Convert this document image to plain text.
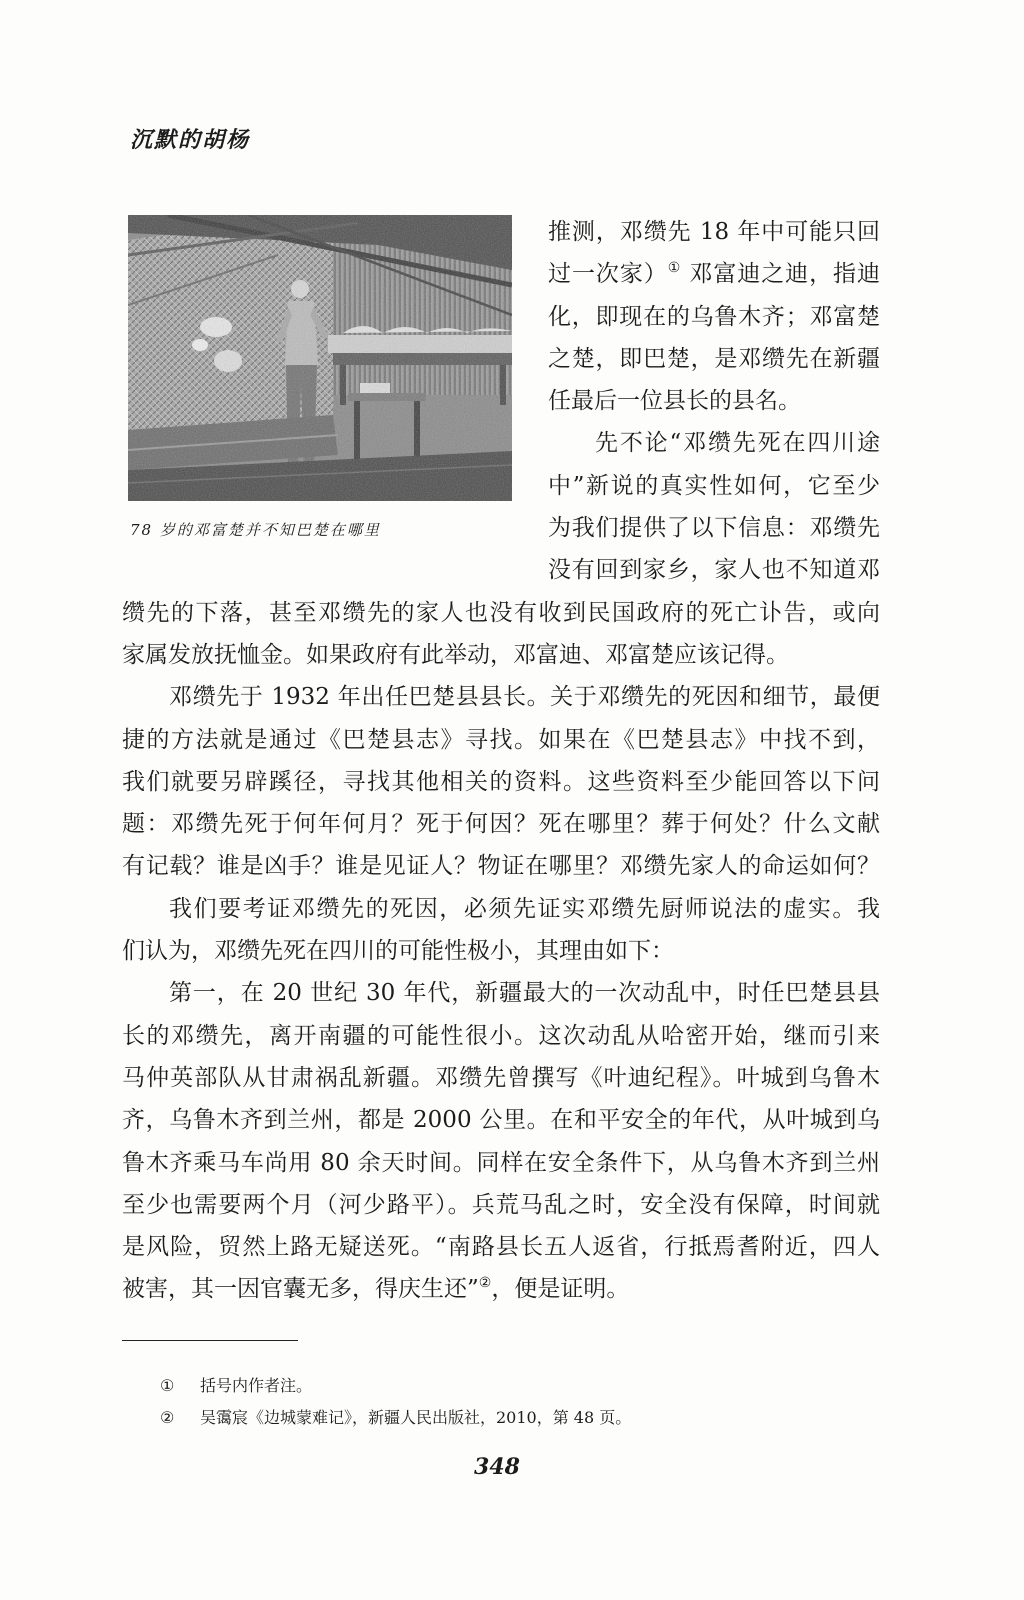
沉默的胡杨
78 岁的邓富楚并不知巴楚在哪里
推测，邓缵先 18 年中可能只回
过一次家）① 邓富迪之迪，指迪
化，即现在的乌鲁木齐；邓富楚
之楚，即巴楚，是邓缵先在新疆
任最后一位县长的县名。
先不论“邓缵先死在四川途
中”新说的真实性如何，它至少
为我们提供了以下信息：邓缵先
没有回到家乡，家人也不知道邓
缵先的下落，甚至邓缵先的家人也没有收到民国政府的死亡讣告，或向
家属发放抚恤金。如果政府有此举动，邓富迪、邓富楚应该记得。
邓缵先于 1932 年出任巴楚县县长。关于邓缵先的死因和细节，最便
捷的方法就是通过《巴楚县志》寻找。如果在《巴楚县志》中找不到，
我们就要另辟蹊径，寻找其他相关的资料。这些资料至少能回答以下问
题：邓缵先死于何年何月？死于何因？死在哪里？葬于何处？什么文献
有记载？谁是凶手？谁是见证人？物证在哪里？邓缵先家人的命运如何？
我们要考证邓缵先的死因，必须先证实邓缵先厨师说法的虚实。我
们认为，邓缵先死在四川的可能性极小，其理由如下：
第一，在 20 世纪 30 年代，新疆最大的一次动乱中，时任巴楚县县
长的邓缵先，离开南疆的可能性很小。这次动乱从哈密开始，继而引来
马仲英部队从甘肃祸乱新疆。邓缵先曾撰写《叶迪纪程》。叶城到乌鲁木
齐，乌鲁木齐到兰州，都是 2000 公里。在和平安全的年代，从叶城到乌
鲁木齐乘马车尚用 80 余天时间。同样在安全条件下，从乌鲁木齐到兰州
至少也需要两个月（河少路平）。兵荒马乱之时，安全没有保障，时间就
是风险，贸然上路无疑送死。“南路县长五人返省，行抵焉耆附近，四人
被害，其一因官囊无多，得庆生还”②，便是证明。
① 括号内作者注。
② 吴霭宸《边城蒙难记》，新疆人民出版社，2010，第 48 页。
348
